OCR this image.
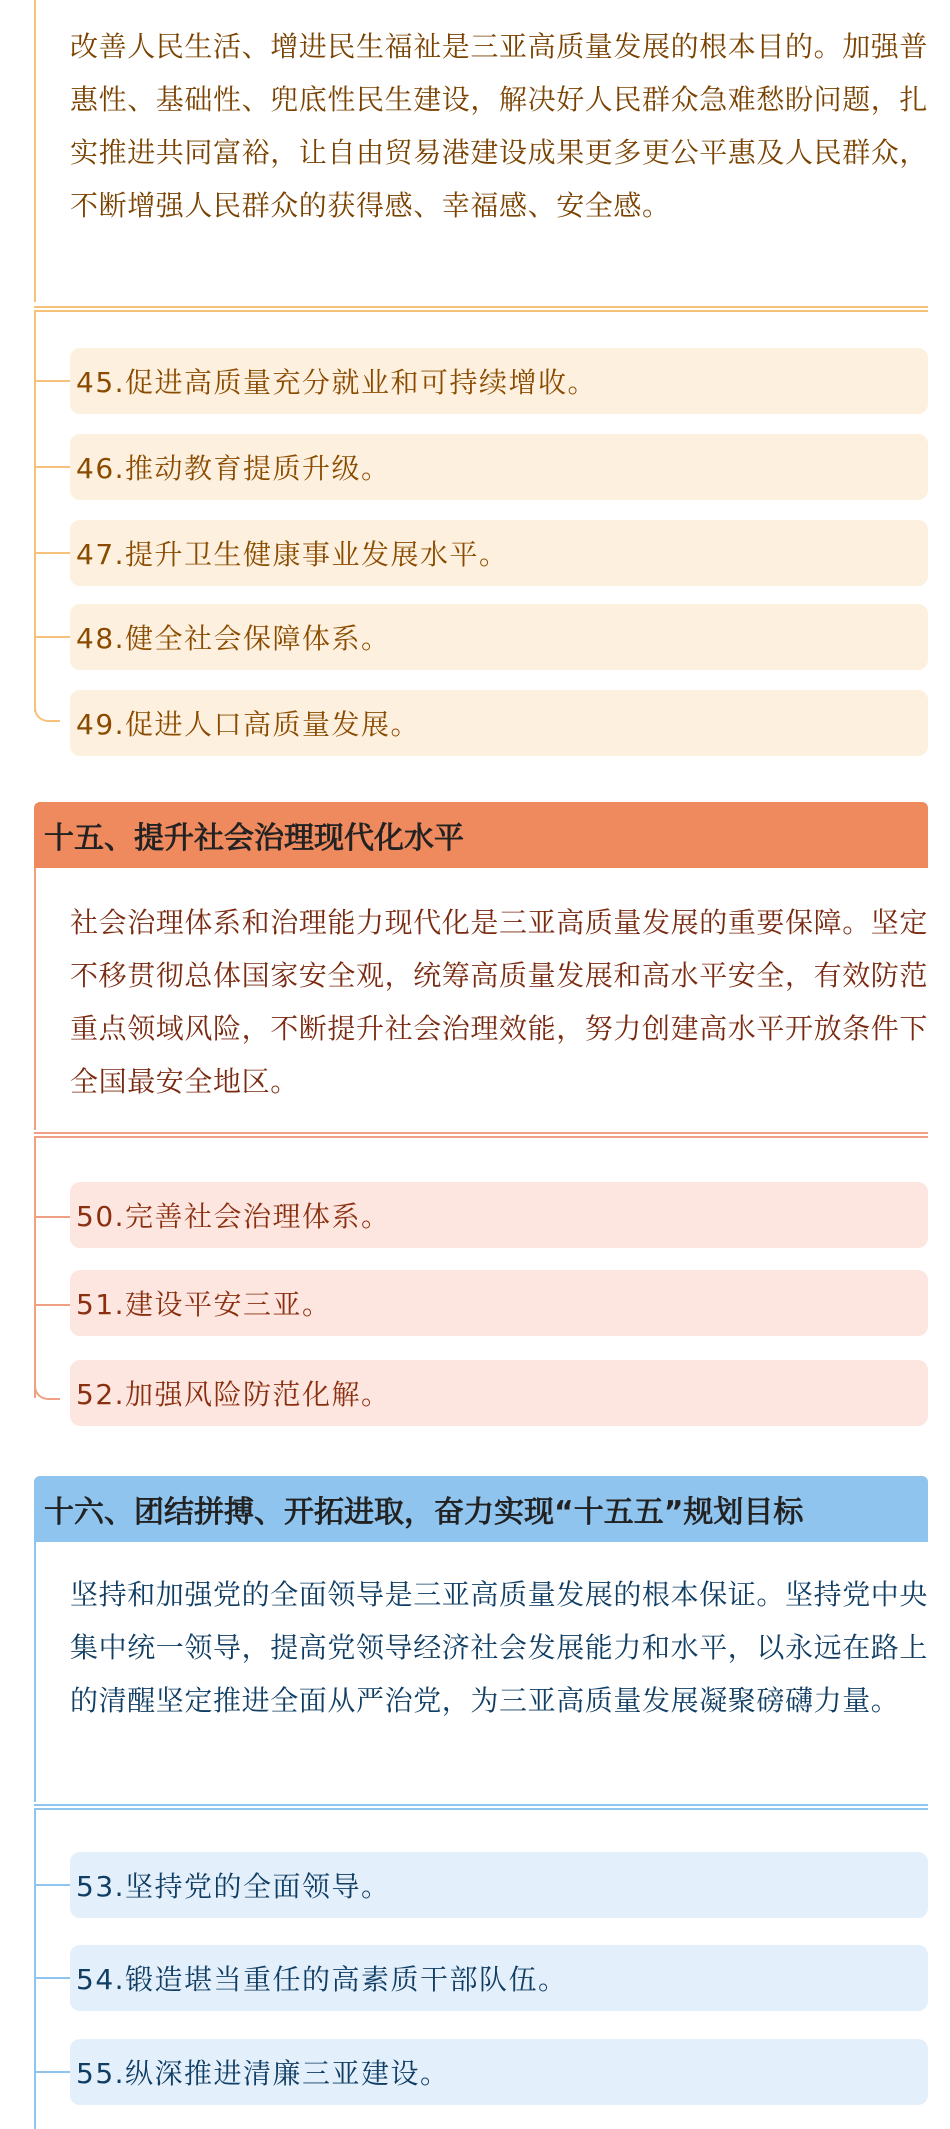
改善人民生活、增进民生福祉是三亚高质量发展的根本目的。加强普惠性、基础性、兜底性民生建设，解决好人民群众急难愁盼问题，扎实推进共同富裕，让自由贸易港建设成果更多更公平惠及人民群众，不断增强人民群众的获得感、幸福感、安全感。
45.促进高质量充分就业和可持续增收。
46.推动教育提质升级。
47.提升卫生健康事业发展水平。
48.健全社会保障体系。
49.促进人口高质量发展。
十五、提升社会治理现代化水平
社会治理体系和治理能力现代化是三亚高质量发展的重要保障。坚定不移贯彻总体国家安全观，统筹高质量发展和高水平安全，有效防范重点领域风险，不断提升社会治理效能，努力创建高水平开放条件下全国最安全地区。
50.完善社会治理体系。
51.建设平安三亚。
52.加强风险防范化解。
十六、团结拼搏、开拓进取，奋力实现“十五五”规划目标
坚持和加强党的全面领导是三亚高质量发展的根本保证。坚持党中央集中统一领导，提高党领导经济社会发展能力和水平，以永远在路上的清醒坚定推进全面从严治党，为三亚高质量发展凝聚磅礴力量。
53.坚持党的全面领导。
54.锻造堪当重任的高素质干部队伍。
55.纵深推进清廉三亚建设。
